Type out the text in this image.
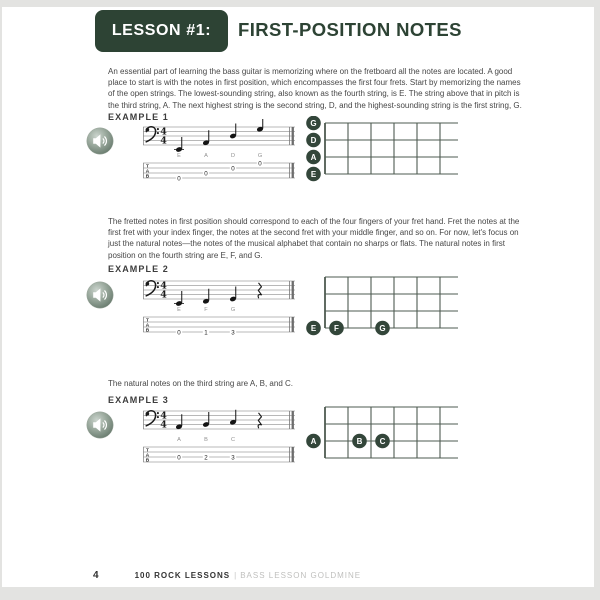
LESSON #1:	FIRST-POSITION NOTES

An essential part of learning the bass guitar is memorizing where on the fretboard all the notes are located. A good place to start is with the notes in first position, which encompasses the first four frets. Start by memorizing the names of the open strings. The lowest-sounding string, also known as the fourth string, is E. The string above that in pitch is the third string, A. The next highest string is the second string, D, and the highest-sounding string is the first string, G.

EXAMPLE 1
4
4
E
0
A
0
D
0
G
0
T
A
B
G
D
A
E

The fretted notes in first position should correspond to each of the four fingers of your fret hand. Fret the notes at the first fret with your index finger, the notes at the second fret with your middle finger, and so on. For now, let's focus on just the natural notes—the notes of the musical alphabet that contain no sharps or flats. The natural notes in first position on the fourth string are E, F, and G.

EXAMPLE 2
4
4
E
0
F
1
G
3
T
A
B	E F	G

The natural notes on the third string are A, B, and C.

EXAMPLE 3
4
4
A
0
B
2
C
3
T
A
B
A	B C
4	100 ROCK LESSONS | BASS LESSON GOLDMINE
